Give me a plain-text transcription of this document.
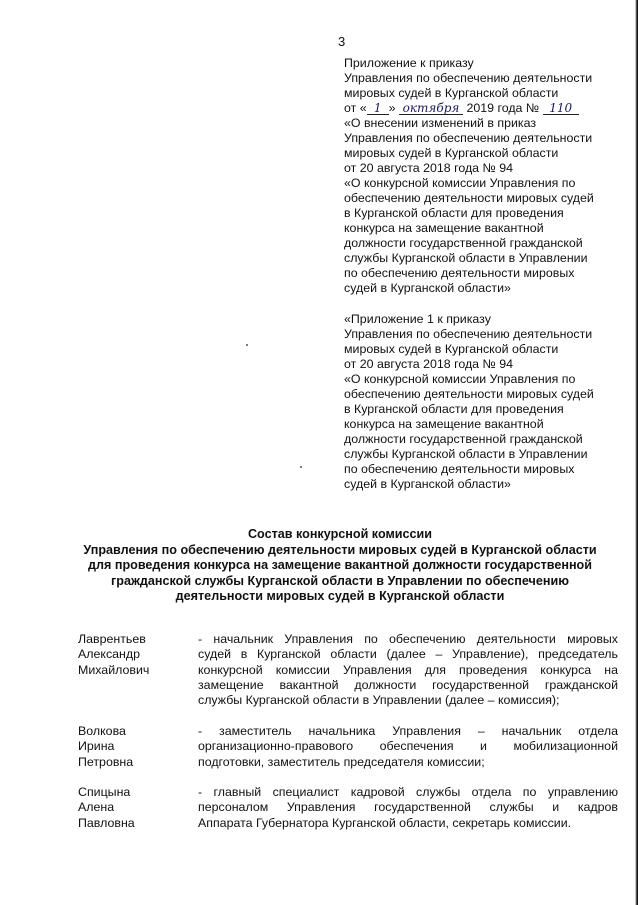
3

Приложение к приказу

Управления по обеспечению деятельности

мировых судей в Курганской области

от « 1 » октября 2019 года № 110

«О внесении изменений в приказ

Управления по обеспечению деятельности

мировых судей в Курганской области

от 20 августа 2018 года № 94

«О конкурсной комиссии Управления по

обеспечению деятельности мировых судей

в Курганской области для проведения

конкурса на замещение вакантной

должности государственной гражданской

службы Курганской области в Управлении

по обеспечению деятельности мировых

судей в Курганской области»

«Приложение 1 к приказу

Управления по обеспечению деятельности

мировых судей в Курганской области

от 20 августа 2018 года № 94

«О конкурсной комиссии Управления по

обеспечению деятельности мировых судей

в Курганской области для проведения

конкурса на замещение вакантной

должности государственной гражданской

службы Курганской области в Управлении

по обеспечению деятельности мировых

судей в Курганской области»

Состав конкурсной комиссии

Управления по обеспечению деятельности мировых судей в Курганской области

для проведения конкурса на замещение вакантной должности государственной

гражданской службы Курганской области в Управлении по обеспечению

деятельности мировых судей в Курганской области

Лаврентьев
Александр
Михайлович

- начальник Управления по обеспечению деятельности мировых

судей в Курганской области (далее – Управление), председатель

конкурсной комиссии Управления для проведения конкурса на

замещение вакантной должности государственной гражданской

службы Курганской области в Управлении (далее – комиссия);

Волкова
Ирина
Петровна

- заместитель начальника Управления – начальник отдела

организационно-правового обеспечения и мобилизационной

подготовки, заместитель председателя комиссии;

Спицына
Алена
Павловна

- главный специалист кадровой службы отдела по управлению

персоналом Управления государственной службы и кадров

Аппарата Губернатора Курганской области, секретарь комиссии.
